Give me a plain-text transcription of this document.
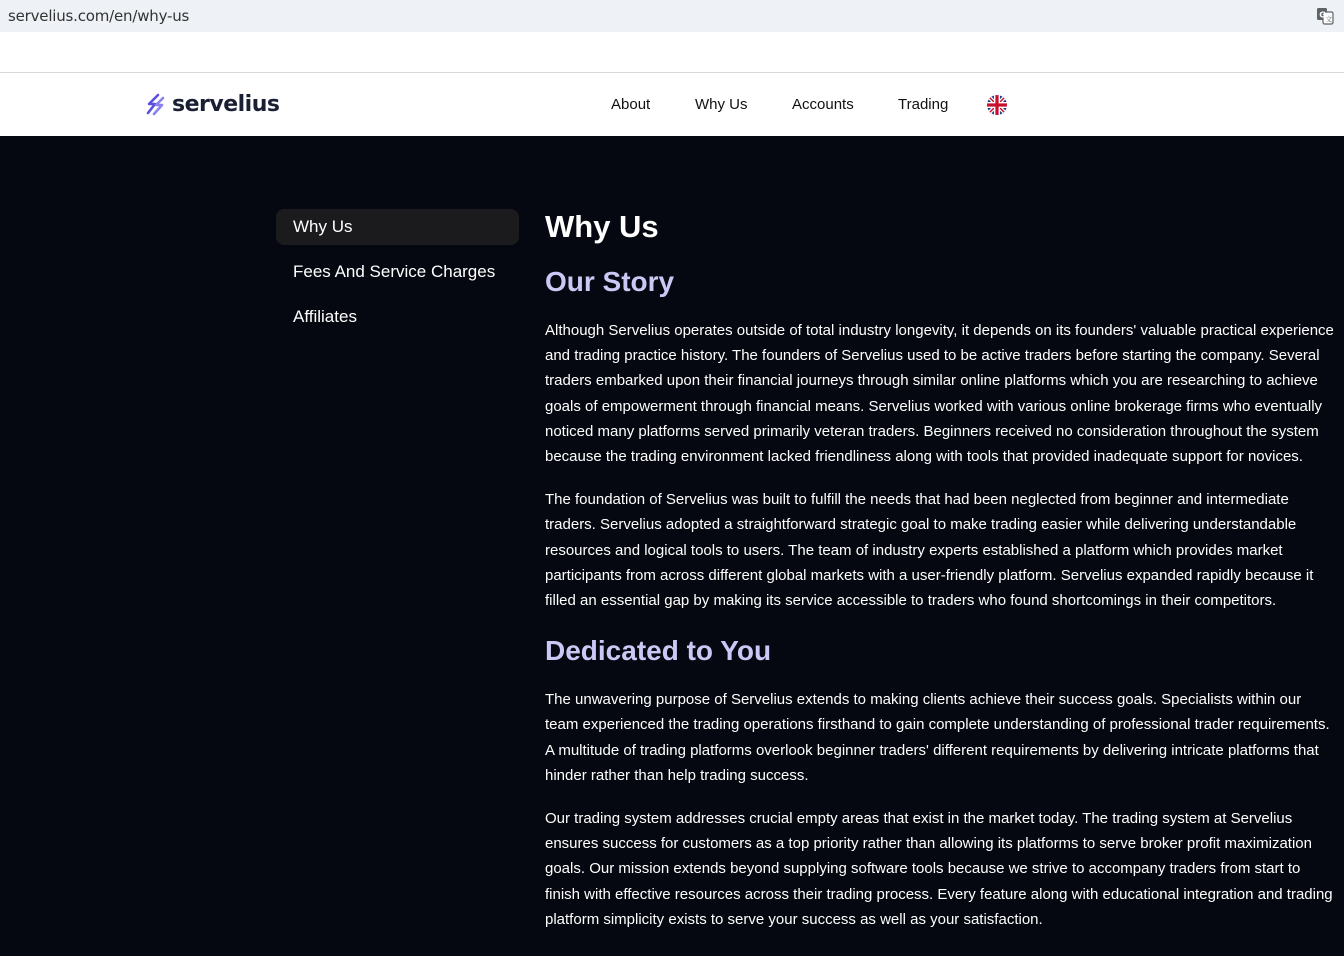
servelius.com/en/why-us	G 文
servelius	About	Why Us	Accounts	Trading
Why Us
Fees And Service Charges
Affiliates
Why Us
Our Story

Although Servelius operates outside of total industry longevity, it depends on its founders' valuable practical experience and trading practice history. The founders of Servelius used to be active traders before starting the company. Several traders embarked upon their financial journeys through similar online platforms which you are researching to achieve goals of empowerment through financial means. Servelius worked with various online brokerage firms who eventually noticed many platforms served primarily veteran traders. Beginners received no consideration throughout the system because the trading environment lacked friendliness along with tools that provided inadequate support for novices.

The foundation of Servelius was built to fulfill the needs that had been neglected from beginner and intermediate traders. Servelius adopted a straightforward strategic goal to make trading easier while delivering understandable resources and logical tools to users. The team of industry experts established a platform which provides market participants from across different global markets with a user-friendly platform. Servelius expanded rapidly because it filled an essential gap by making its service accessible to traders who found shortcomings in their competitors.

Dedicated to You

The unwavering purpose of Servelius extends to making clients achieve their success goals. Specialists within our team experienced the trading operations firsthand to gain complete understanding of professional trader requirements. A multitude of trading platforms overlook beginner traders' different requirements by delivering intricate platforms that hinder rather than help trading success.

Our trading system addresses crucial empty areas that exist in the market today. The trading system at Servelius ensures success for customers as a top priority rather than allowing its platforms to serve broker profit maximization goals. Our mission extends beyond supplying software tools because we strive to accompany traders from start to finish with effective resources across their trading process. Every feature along with educational integration and trading platform simplicity exists to serve your success as well as your satisfaction.
